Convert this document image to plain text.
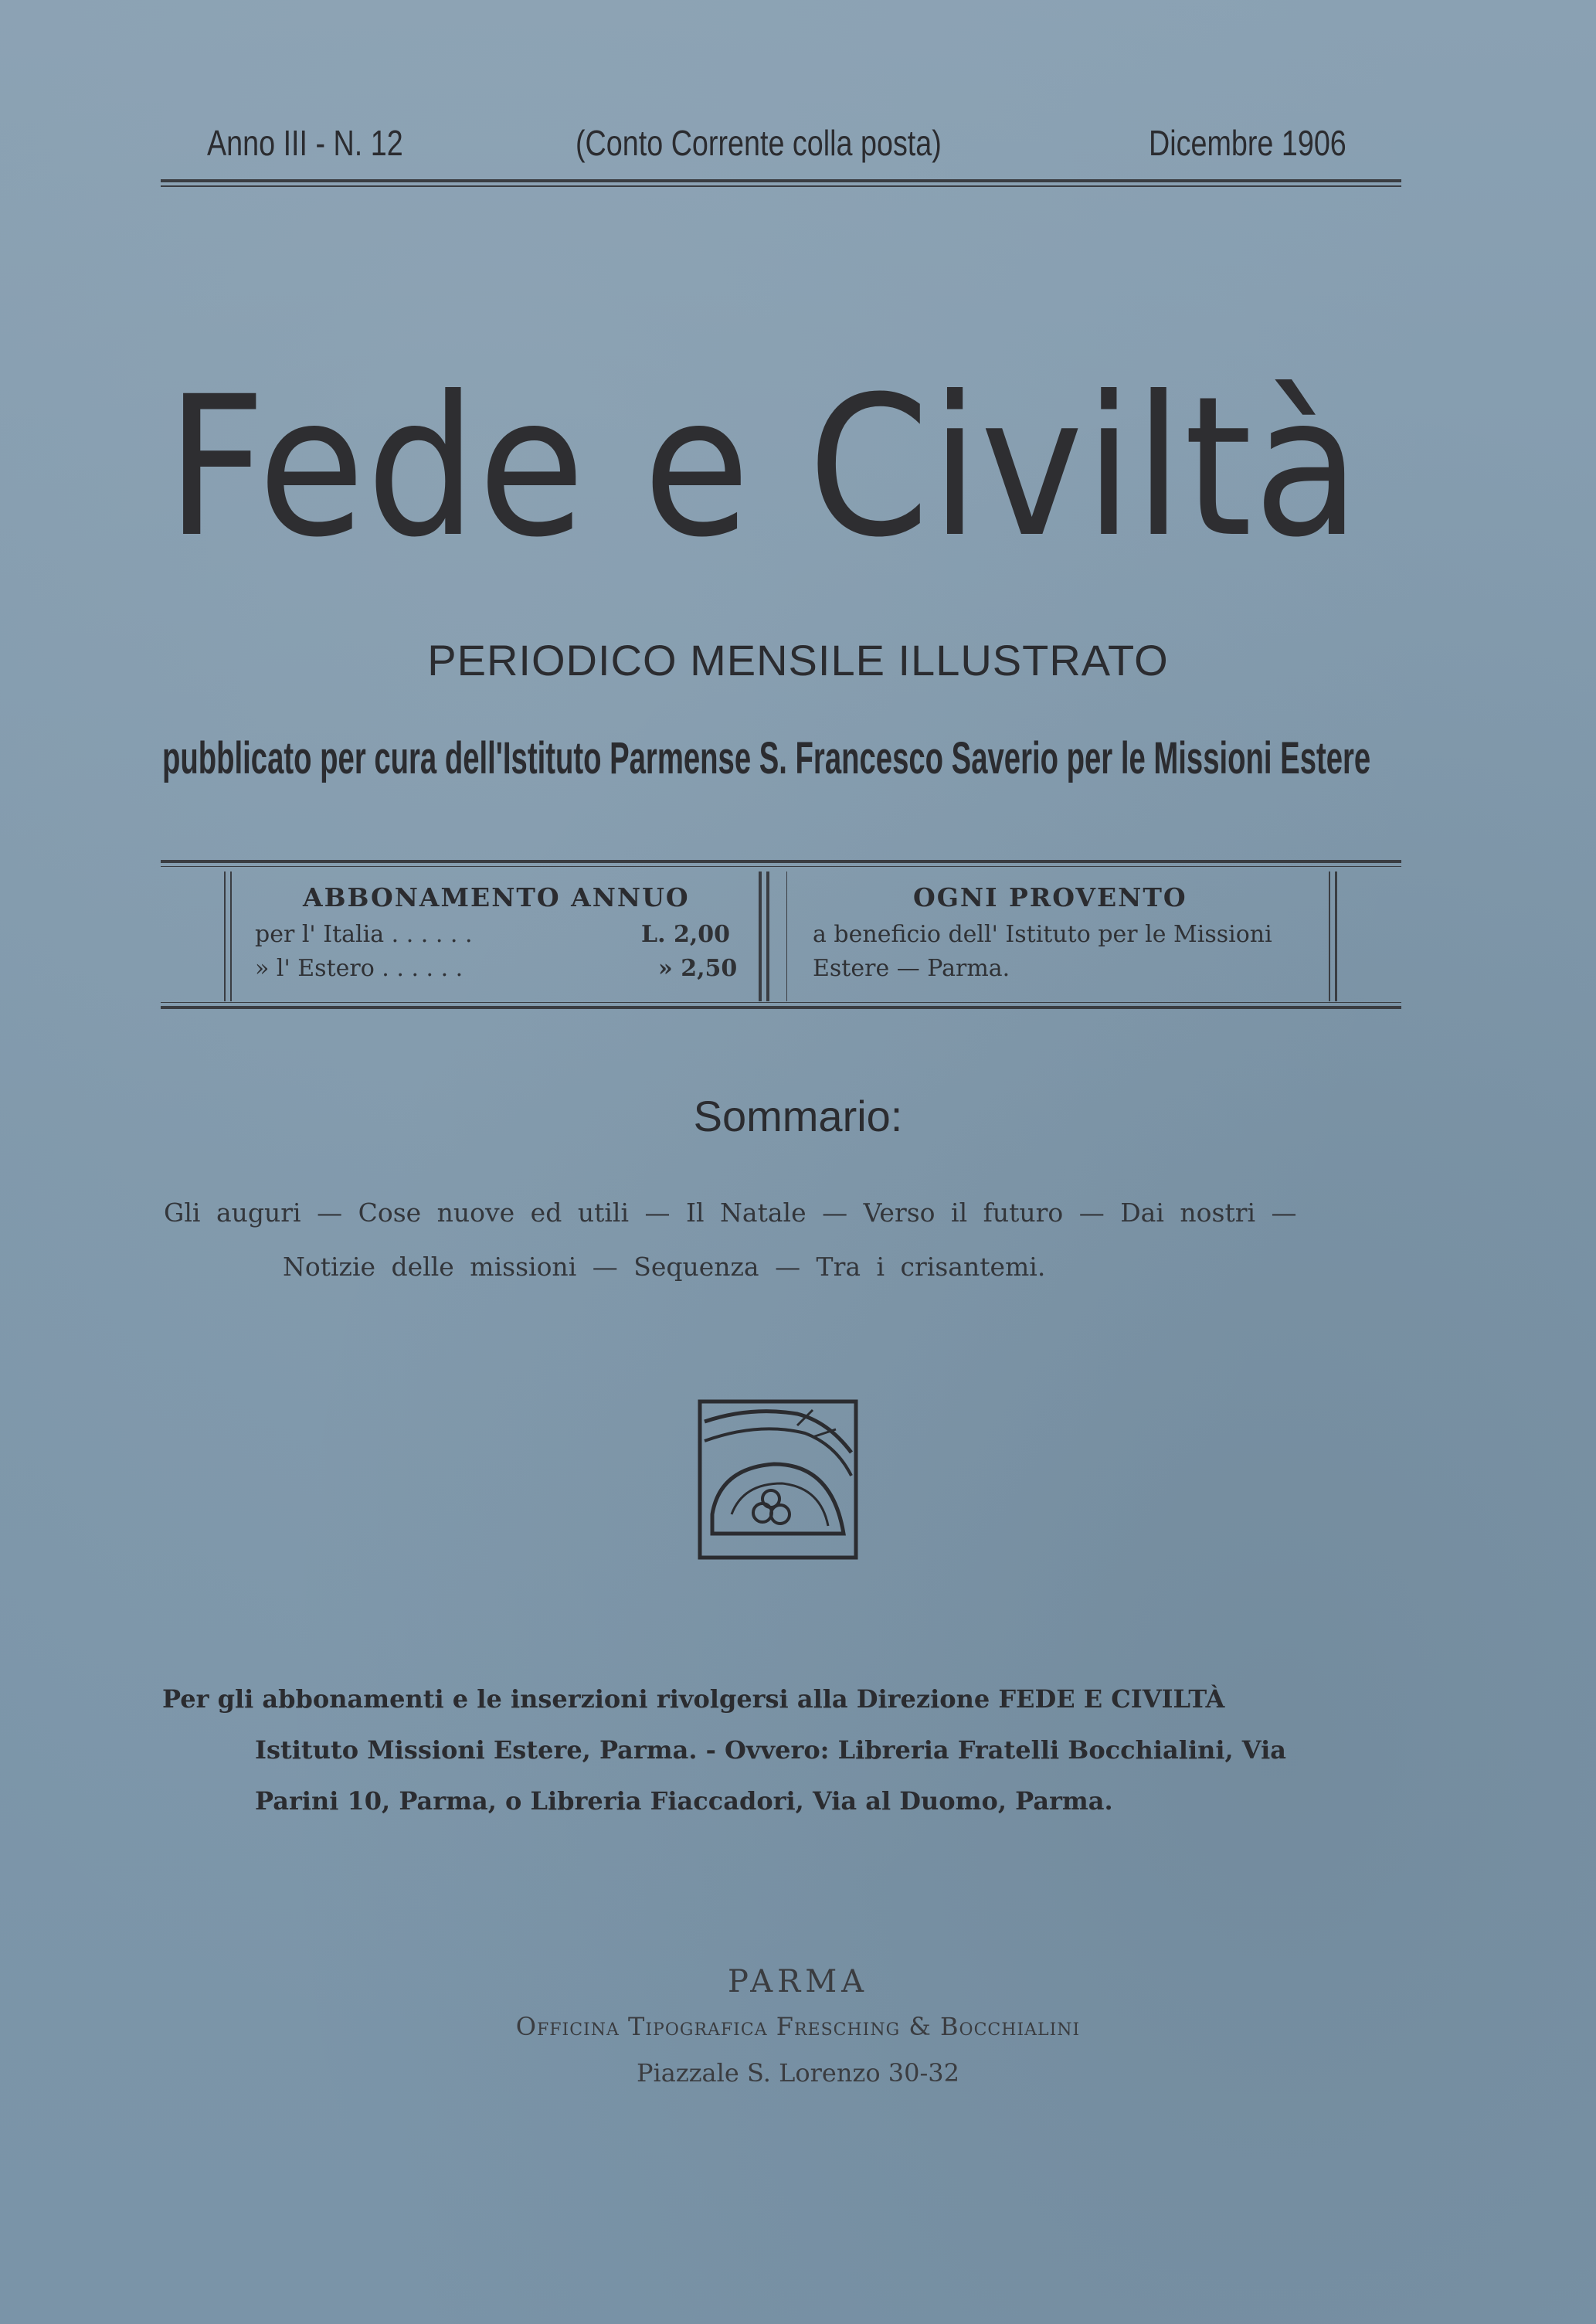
Anno III - N. 12	(Conto Corrente colla posta)	Dicembre 1906
Fede e Civiltà
PERIODICO MENSILE ILLUSTRATO
pubblicato per cura dell'Istituto Parmense S. Francesco Saverio per le Missioni Estere
ABBONAMENTO ANNUO
per l' Italia . . . . . .	L. 2,00
» l' Estero . . . . . .	» 2,50
OGNI PROVENTO
a beneficio dell' Istituto per le Missioni
Estere — Parma.
Sommario:
Gli auguri — Cose nuove ed utili — Il Natale — Verso il futuro — Dai nostri —
Notizie delle missioni — Sequenza — Tra i crisantemi.
Per gli abbonamenti e le inserzioni rivolgersi alla Direzione FEDE E CIVILTÀ
Istituto Missioni Estere, Parma. - Ovvero: Libreria Fratelli Bocchialini, Via
Parini 10, Parma, o Libreria Fiaccadori, Via al Duomo, Parma.
PARMA
Officina Tipografica Fresching & Bocchialini
Piazzale S. Lorenzo 30-32
